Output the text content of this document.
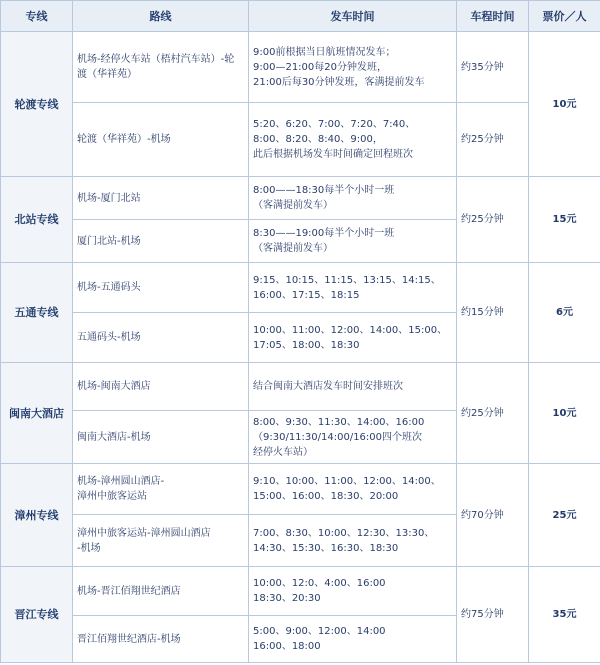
专线	路线	发车时间	车程时间	票价／人
轮渡专线	机场-经停火车站（梧村汽车站）-轮渡（华祥苑）	9:00前根据当日航班情况发车；
9:00—21:00每20分钟发班，
21:00后每30分钟发班，客满提前发车	约35分钟	10元

	轮渡（华祥苑）-机场	5:20、6:20、7:00、7:20、7:40、
8:00、8:20、8:40、9:00，
此后根据机场发车时间确定回程班次	约25分钟	

北站专线	机场-厦门北站	8:00——18:30每半个小时一班
（客满提前发车）	约25分钟	15元

	厦门北站-机场	8:30——19:00每半个小时一班
（客满提前发车）		

五通专线	机场-五通码头	9:15、10:15、11:15、13:15、14:15、
16:00、17:15、18:15	约15分钟	6元

	五通码头-机场	10:00、11:00、12:00、14:00、15:00、
17:05、18:00、18:30		

闽南大酒店	机场-闽南大酒店	结合闽南大酒店发车时间安排班次	约25分钟	10元

	闽南大酒店-机场	8:00、9:30、11:30、14:00、16:00
（9:30/11:30/14:00/16:00四个班次
经停火车站）		

漳州专线	机场-漳州圆山酒店-
漳州中旅客运站	9:10、10:00、11:00、12:00、14:00、
15:00、16:00、18:30、20:00	约70分钟	25元

	漳州中旅客运站-漳州圆山酒店
-机场	7:00、8:30、10:00、12:30、13:30、
14:30、15:30、16:30、18:30		

晋江专线	机场-晋江佰翔世纪酒店	10:00、12:0、4:00、16:00
18:30、20:30	约75分钟	35元

	晋江佰翔世纪酒店-机场	5:00、9:00、12:00、14:00
16:00、18:00		
